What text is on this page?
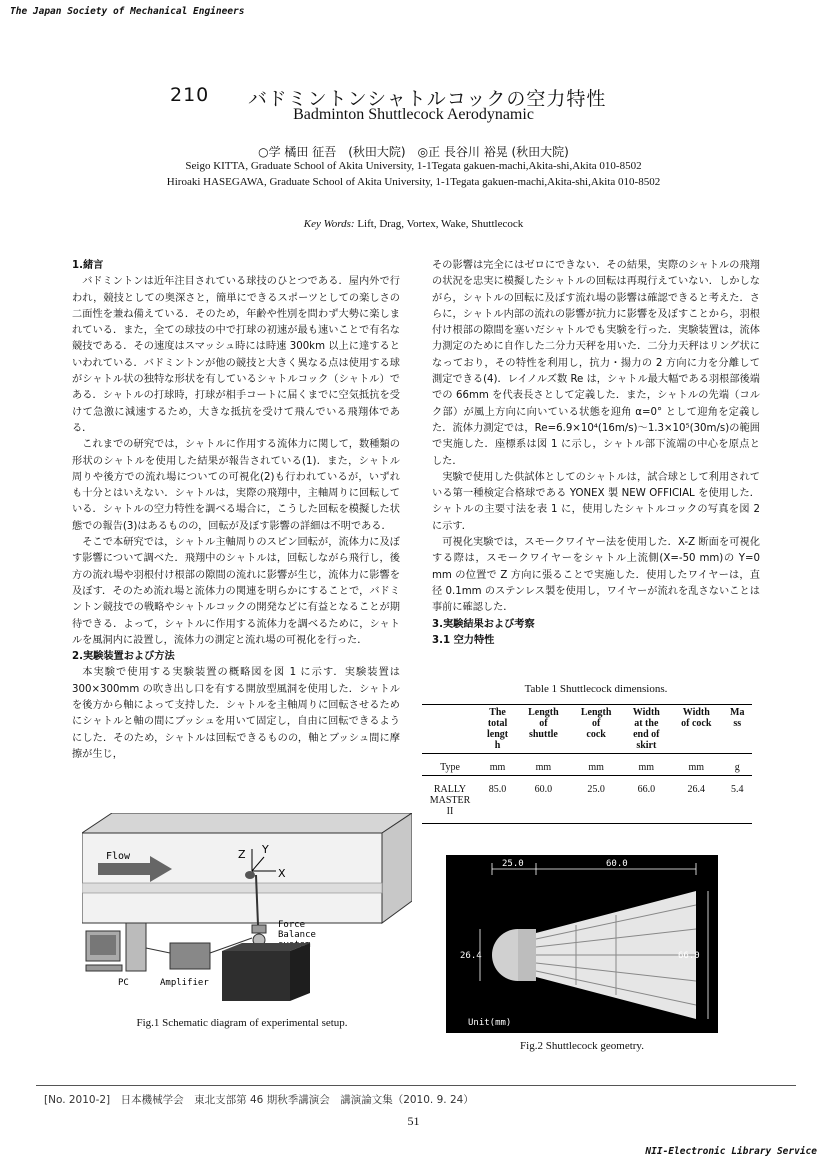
The Japan Society of Mechanical Engineers
210 バドミントンシャトルコックの空力特性
Badminton Shuttlecock Aerodynamic
○学 橘田 征吾　(秋田大院)　◎正 長谷川 裕晃 (秋田大院)
Seigo KITTA, Graduate School of Akita University, 1-1Tegata gakuen-machi,Akita-shi,Akita 010-8502
Hiroaki HASEGAWA, Graduate School of Akita University, 1-1Tegata gakuen-machi,Akita-shi,Akita 010-8502
Key Words: Lift, Drag, Vortex, Wake, Shuttlecock

1.緒言

バドミントンは近年注目されている球技のひとつである．屋内外で行われ，競技としての奥深さと，簡単にできるスポーツとしての楽しさの二面性を兼ね備えている．そのため，年齢や性別を問わず大勢に楽しまれている．また，全ての球技の中で打球の初速が最も速いことで有名な競技である．その速度はスマッシュ時には時速 300km 以上に達するといわれている．バドミントンが他の競技と大きく異なる点は使用する球がシャトル状の独特な形状を有しているシャトルコック（シャトル）である．シャトルの打球時，打球が相手コートに届くまでに空気抵抗を受けて急激に減速するため，大きな抵抗を受けて飛んでいる飛翔体である．

これまでの研究では，シャトルに作用する流体力に関して，数種類の形状のシャトルを使用した結果が報告されている(1)．また，シャトル周りや後方での流れ場についての可視化(2)も行われているが，いずれも十分とはいえない．シャトルは，実際の飛翔中，主軸周りに回転している．シャトルの空力特性を調べる場合に，こうした回転を模擬した状態での報告(3)はあるものの，回転が及ぼす影響の詳細は不明である．

そこで本研究では，シャトル主軸周りのスピン回転が，流体力に及ぼす影響について調べた．飛翔中のシャトルは，回転しながら飛行し，後方の流れ場や羽根付け根部の隙間の流れに影響が生じ，流体力に影響を及ぼす．そのため流れ場と流体力の関連を明らかにすることで，バドミントン競技での戦略やシャトルコックの開発などに有益となることが期待できる．よって，シャトルに作用する流体力を調べるために，シャトルを風洞内に設置し，流体力の測定と流れ場の可視化を行った．

2.実験装置および方法

本実験で使用する実験装置の概略図を図 1 に示す．実験装置は 300×300mm の吹き出し口を有する開放型風洞を使用した．シャトルを後方から軸によって支持した．シャトルを主軸周りに回転させるためにシャトルと軸の間にブッシュを用いて固定し，自由に回転できるようにした．そのため，シャトルは回転できるものの，軸とブッシュ間に摩擦が生じ，

その影響は完全にはゼロにできない．その結果，実際のシャトルの飛翔の状況を忠実に模擬したシャトルの回転は再現行えていない．しかしながら，シャトルの回転に及ぼす流れ場の影響は確認できると考えた．さらに，シャトル内部の流れの影響が抗力に影響を及ぼすことから，羽根付け根部の隙間を塞いだシャトルでも実験を行った．実験装置は，流体力測定のために自作した二分力天秤を用いた．二分力天秤はリング状になっており，その特性を利用し，抗力・揚力の 2 方向に力を分離して測定できる(4)．レイノルズ数 Re は，シャトル最大幅である羽根部後端での 66mm を代表長さとして定義した．また，シャトルの先端（コルク部）が風上方向に向いている状態を迎角 α=0° として迎角を定義した．流体力測定では，Re=6.9×10⁴(16m/s)～1.3×10⁵(30m/s)の範囲で実施した．座標系は図 1 に示し，シャトル部下流端の中心を原点とした．

実験で使用した供試体としてのシャトルは，試合球として利用されている第一種検定合格球である YONEX 製 NEW OFFICIAL を使用した．シャトルの主要寸法を表 1 に，使用したシャトルコックの写真を図 2 に示す．

可視化実験では，スモークワイヤー法を使用した．X-Z 断面を可視化する際は，スモークワイヤーをシャトル上流側(X=-50 mm)の Y=0 mm の位置で Z 方向に張ることで実施した．使用したワイヤーは，直径 0.1mm のステンレス製を使用し，ワイヤーが流れを乱さないことは事前に確認した．

3.実験結果および考察

3.1 空力特性

Table 1 Shuttlecock dimensions.
	The
total
lengt
h	Length
of
shuttle	Length
of
cock	Width
at the
end of
skirt	Width
of cock	Ma
ss
Type	mm	mm	mm	mm	mm	g
RALLY
MASTER
II	85.0	60.0	25.0	66.0	26.4	5.4
Flow	Z Y
X
Force
Balance
PC	Amplifier
Fig.1 Schematic diagram of experimental setup.
25.0	60.0
26.4	66.0
Unit(mm)
Fig.2 Shuttlecock geometry.
[No. 2010-2]　日本機械学会　東北支部第 46 期秋季講演会　講演論文集（2010. 9. 24）
51
NII-Electronic Library Service
